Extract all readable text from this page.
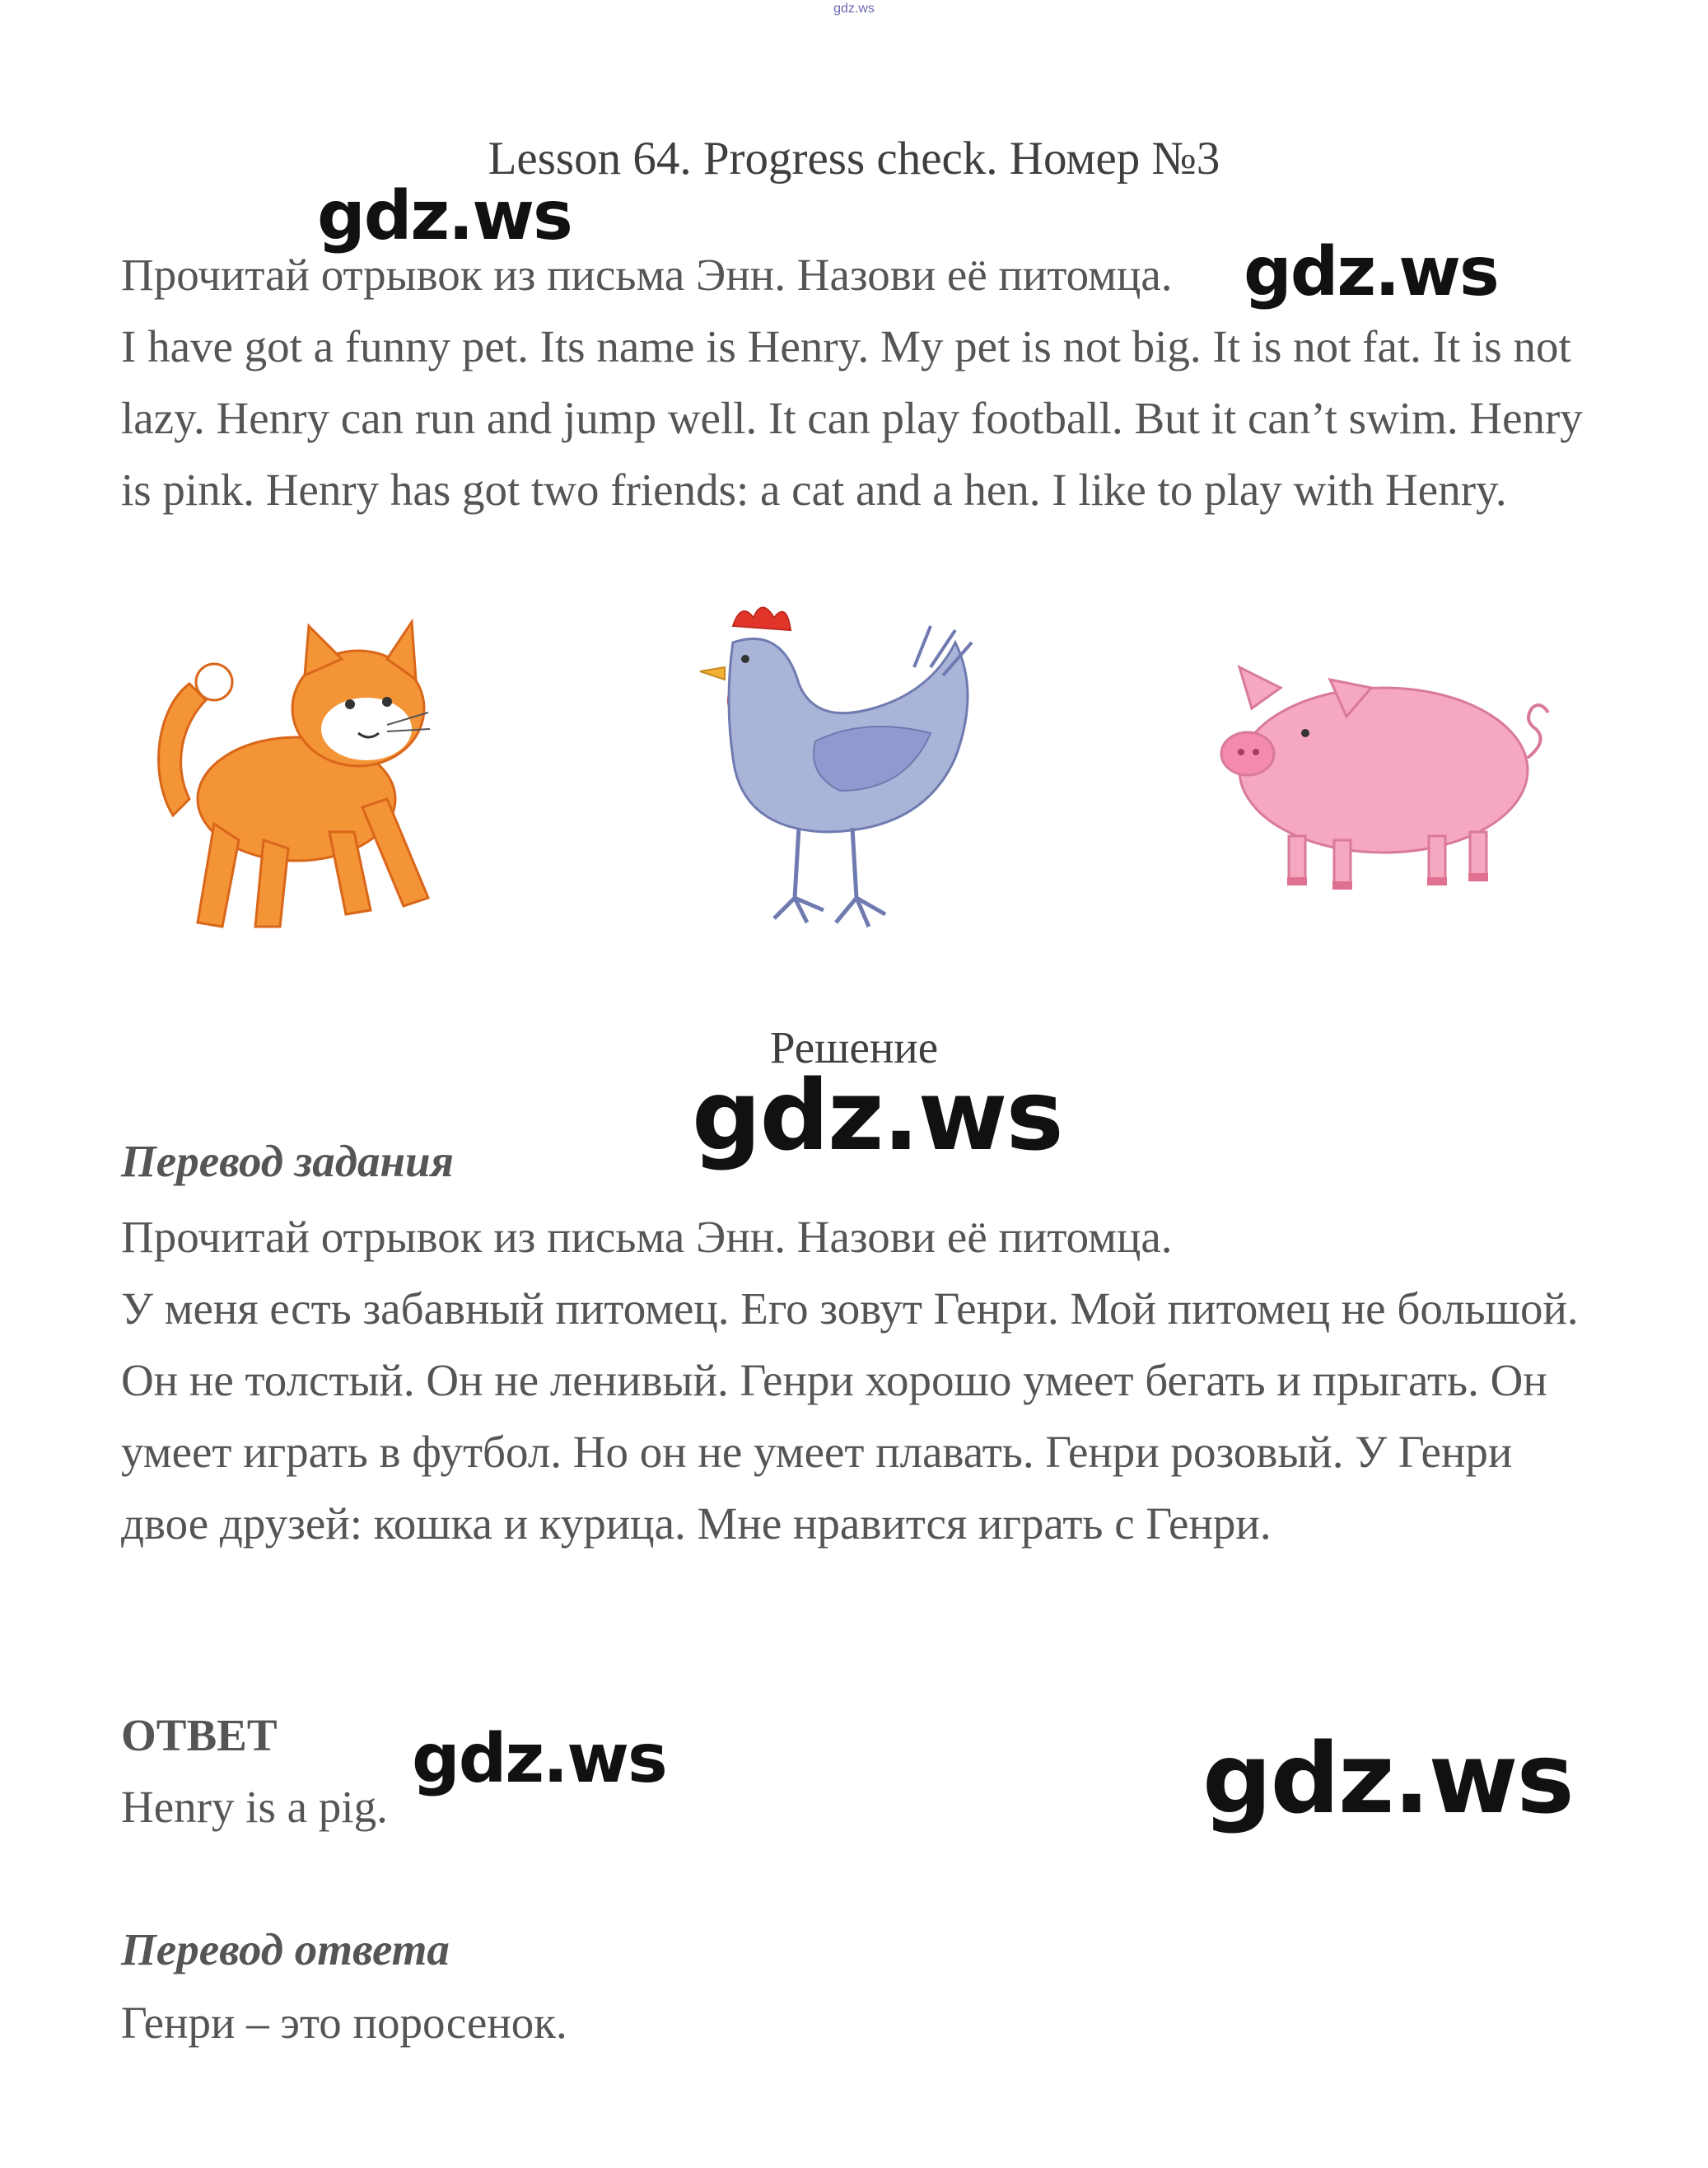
gdz.ws
Lesson 64. Progress check. Номер №3

Прочитай отрывок из письма Энн. Назови её питомца.

I have got a funny pet. Its name is Henry. My pet is not big. It is not fat. It is not lazy. Henry can run and jump well. It can play football. But it can’t swim. Henry is pink. Henry has got two friends: a cat and a hen. I like to play with Henry.

Решение
Перевод задания

Прочитай отрывок из письма Энн. Назови её питомца.

У меня есть забавный питомец. Его зовут Генри. Мой питомец не большой. Он не толстый. Он не ленивый. Генри хорошо умеет бегать и прыгать. Он умеет играть в футбол. Но он не умеет плавать. Генри розовый. У Генри двое друзей: кошка и курица. Мне нравится играть с Генри.

ОТВЕТ
Henry is a pig.
Перевод ответа
Генри – это поросенок.
gdz.ws
gdz.ws
gdz.ws
gdz.ws	gdz.ws
